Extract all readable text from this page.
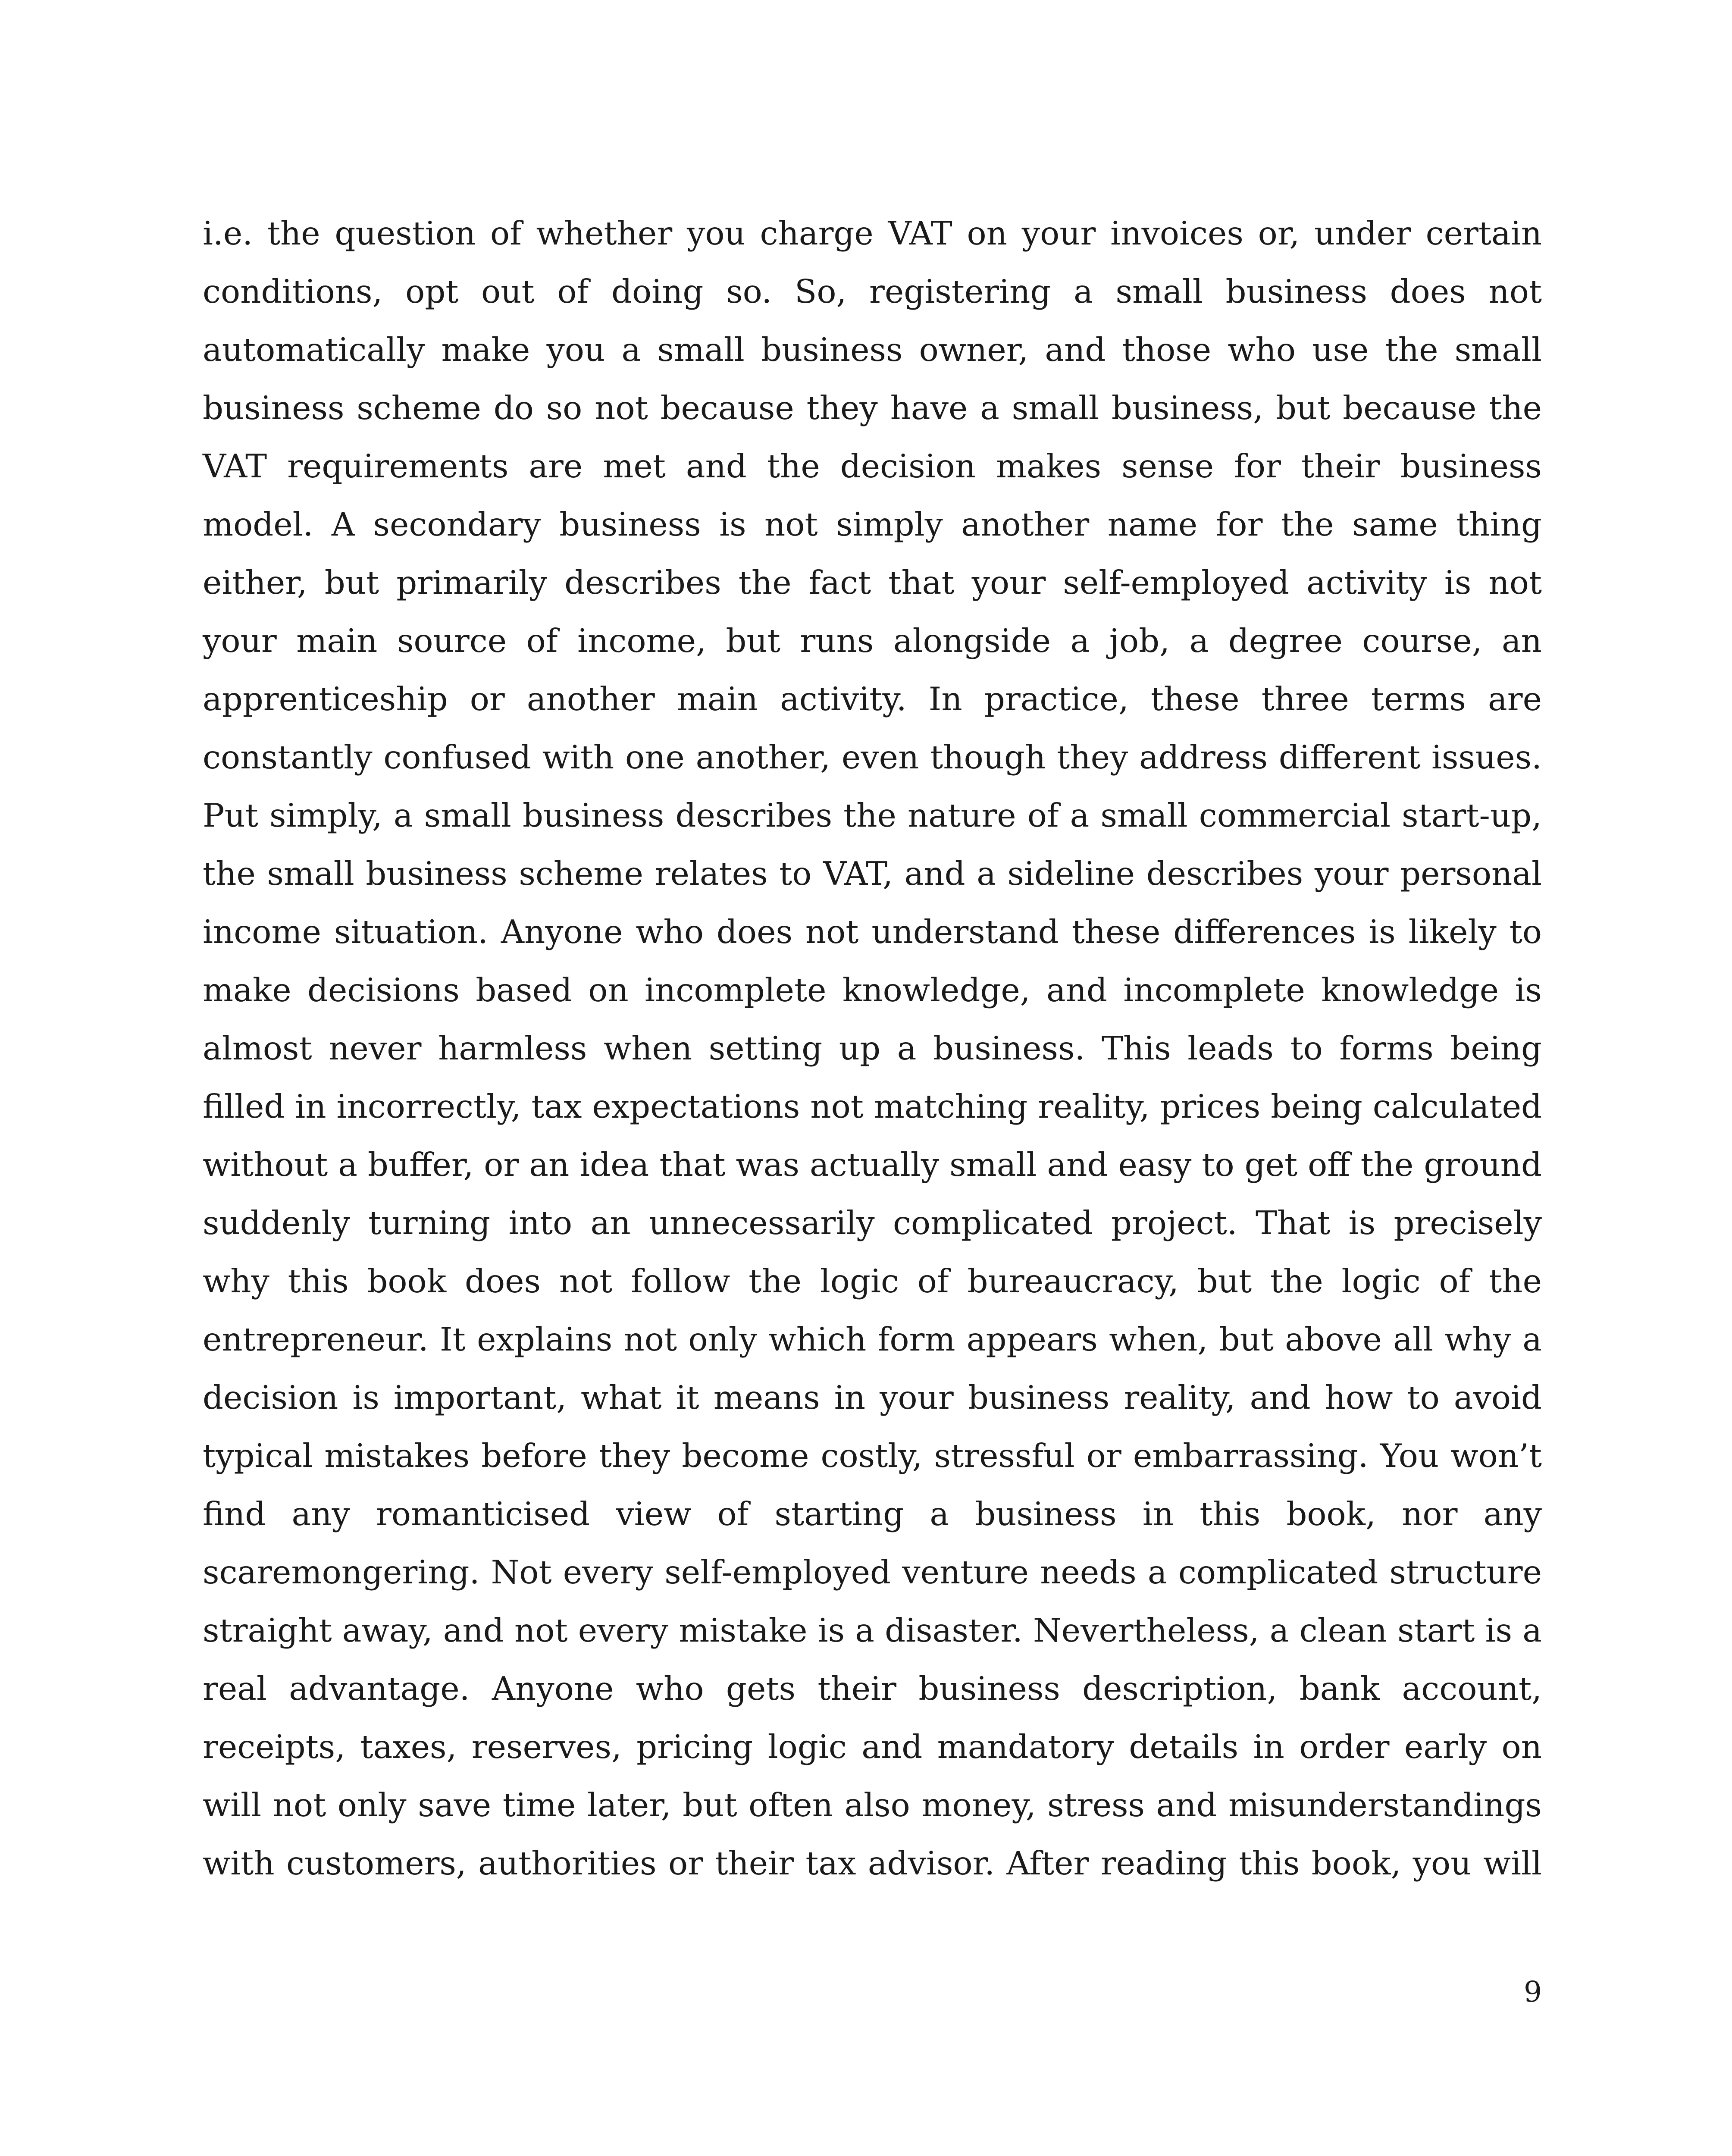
i.e. the question of whether you charge VAT on your invoices or, under certain conditions, opt out of doing so. So, registering a small business does not automatically make you a small business owner, and those who use the small business scheme do so not because they have a small business, but because the VAT requirements are met and the decision makes sense for their business model. A secondary business is not simply another name for the same thing either, but primarily describes the fact that your self-employed activity is not your main source of income, but runs alongside a job, a degree course, an apprenticeship or another main activity. In practice, these three terms are constantly confused with one another, even though they address different issues. Put simply, a small business describes the nature of a small commercial start-up, the small business scheme relates to VAT, and a sideline describes your personal income situation. Anyone who does not understand these differences is likely to make decisions based on incomplete knowledge, and incomplete knowledge is almost never harmless when setting up a business. This leads to forms being filled in incorrectly, tax expectations not matching reality, prices being calculated without a buffer, or an idea that was actually small and easy to get off the ground suddenly turning into an unnecessarily complicated project. That is precisely why this book does not follow the logic of bureaucracy, but the logic of the entrepreneur. It explains not only which form appears when, but above all why a decision is important, what it means in your business reality, and how to avoid typical mistakes before they become costly, stressful or embarrassing. You won’t find any romanticised view of starting a business in this book, nor any scaremongering. Not every self-employed venture needs a complicated structure straight away, and not every mistake is a disaster. Nevertheless, a clean start is a real advantage. Anyone who gets their business description, bank account, receipts, taxes, reserves, pricing logic and mandatory details in order early on will not only save time later, but often also money, stress and misunderstandings with customers, authorities or their tax advisor. After reading this book, you will

9
